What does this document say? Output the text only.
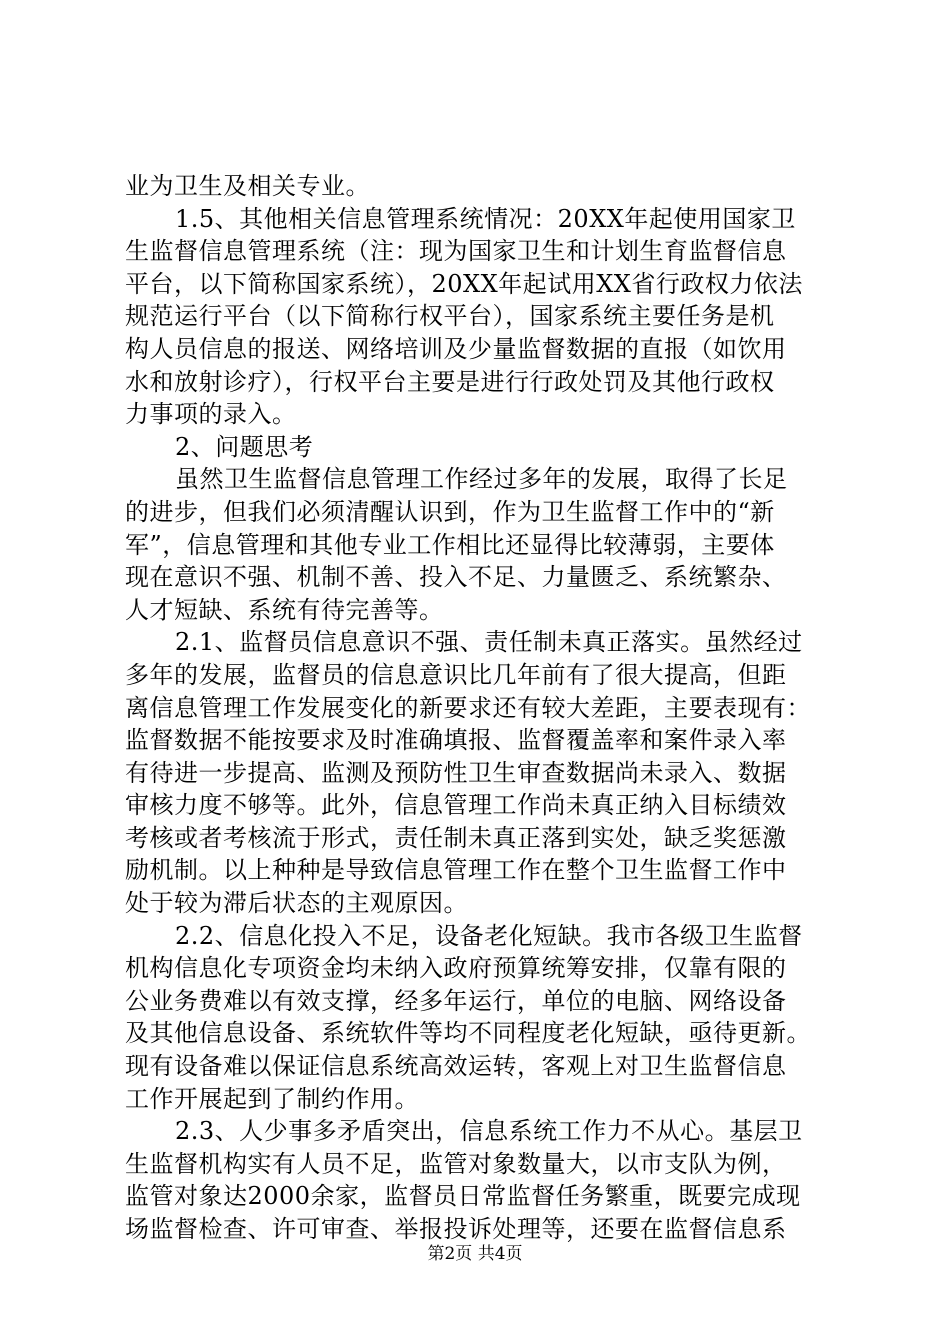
业为卫生及相关专业。
1.5、其他相关信息管理系统情况：20XX年起使用国家卫
生监督信息管理系统（注：现为国家卫生和计划生育监督信息
平台，以下简称国家系统），20XX年起试用XX省行政权力依法
规范运行平台（以下简称行权平台），国家系统主要任务是机
构人员信息的报送、网络培训及少量监督数据的直报（如饮用
水和放射诊疗），行权平台主要是进行行政处罚及其他行政权
力事项的录入。
2、问题思考
虽然卫生监督信息管理工作经过多年的发展，取得了长足
的进步，但我们必须清醒认识到，作为卫生监督工作中的“新
军”，信息管理和其他专业工作相比还显得比较薄弱，主要体
现在意识不强、机制不善、投入不足、力量匮乏、系统繁杂、
人才短缺、系统有待完善等。
2.1、监督员信息意识不强、责任制未真正落实。虽然经过
多年的发展，监督员的信息意识比几年前有了很大提高，但距
离信息管理工作发展变化的新要求还有较大差距，主要表现有：
监督数据不能按要求及时准确填报、监督覆盖率和案件录入率
有待进一步提高、监测及预防性卫生审查数据尚未录入、数据
审核力度不够等。此外，信息管理工作尚未真正纳入目标绩效
考核或者考核流于形式，责任制未真正落到实处，缺乏奖惩激
励机制。以上种种是导致信息管理工作在整个卫生监督工作中
处于较为滞后状态的主观原因。
2.2、信息化投入不足，设备老化短缺。我市各级卫生监督
机构信息化专项资金均未纳入政府预算统筹安排，仅靠有限的
公业务费难以有效支撑，经多年运行，单位的电脑、网络设备
及其他信息设备、系统软件等均不同程度老化短缺，亟待更新。
现有设备难以保证信息系统高效运转，客观上对卫生监督信息
工作开展起到了制约作用。
2.3、人少事多矛盾突出，信息系统工作力不从心。基层卫
生监督机构实有人员不足，监管对象数量大，以市支队为例，
监管对象达2000余家，监督员日常监督任务繁重，既要完成现
场监督检查、许可审查、举报投诉处理等，还要在监督信息系
第2页 共4页
